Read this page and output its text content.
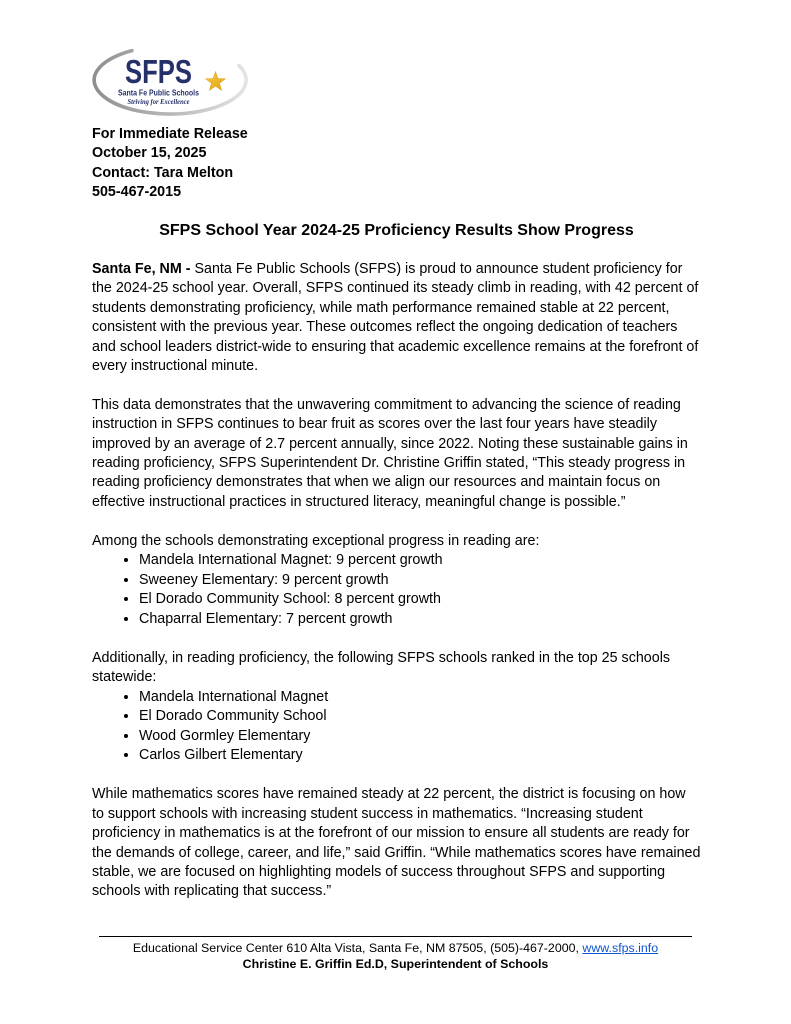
SFPS
Santa Fe Public Schools
Striving for Excellence
For Immediate Release
October 15, 2025
Contact: Tara Melton
505-467-2015
SFPS School Year 2024-25 Proficiency Results Show Progress

Santa Fe, NM - Santa Fe Public Schools (SFPS) is proud to announce student proficiency for the 2024-25 school year. Overall, SFPS continued its steady climb in reading, with 42 percent of students demonstrating proficiency, while math performance remained stable at 22 percent, consistent with the previous year. These outcomes reflect the ongoing dedication of teachers and school leaders district-wide to ensuring that academic excellence remains at the forefront of every instructional minute.

This data demonstrates that the unwavering commitment to advancing the science of reading instruction in SFPS continues to bear fruit as scores over the last four years have steadily improved by an average of 2.7 percent annually, since 2022. Noting these sustainable gains in reading proficiency, SFPS Superintendent Dr. Christine Griffin stated, “This steady progress in reading proficiency demonstrates that when we align our resources and maintain focus on effective instructional practices in structured literacy, meaningful change is possible.”

Among the schools demonstrating exceptional progress in reading are:

• Mandela International Magnet: 9 percent growth
• Sweeney Elementary: 9 percent growth
• El Dorado Community School: 8 percent growth
• Chaparral Elementary: 7 percent growth

Additionally, in reading proficiency, the following SFPS schools ranked in the top 25 schools statewide:

• Mandela International Magnet
• El Dorado Community School
• Wood Gormley Elementary
• Carlos Gilbert Elementary

While mathematics scores have remained steady at 22 percent, the district is focusing on how to support schools with increasing student success in mathematics. “Increasing student proficiency in mathematics is at the forefront of our mission to ensure all students are ready for the demands of college, career, and life,” said Griffin. “While mathematics scores have remained stable, we are focused on highlighting models of success throughout SFPS and supporting schools with replicating that success.”

Educational Service Center 610 Alta Vista, Santa Fe, NM 87505, (505)-467-2000, www.sfps.info
Christine E. Griffin Ed.D, Superintendent of Schools
